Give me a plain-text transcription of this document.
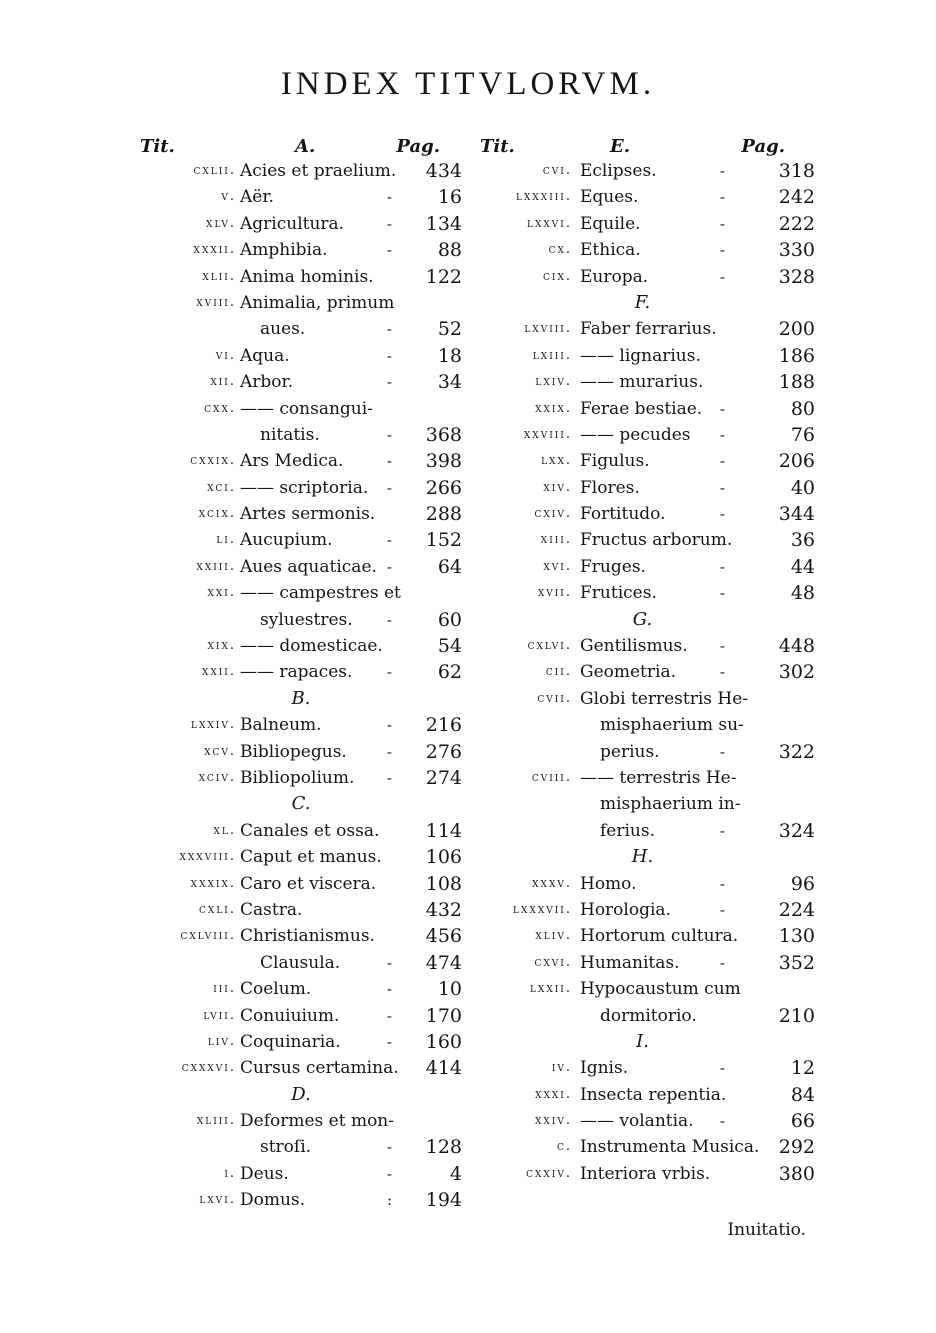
INDEX TITVLORVM.
Tit.	A.	Pag.
cxlii. Acies et praelium. 434
v. Aër.	- 16
xlv. Agricultura.	- 134
xxxii. Amphibia.	- 88
xlii. Anima hominis.	122
xviii. Animalia, primum
aues.	- 52
vi. Aqua.	- 18
xii. Arbor.	- 34
cxx. —— consangui-
nitatis.	- 368
cxxix. Ars Medica.	- 398
xci. —— scriptoria. - 266
xcix. Artes sermonis.	288
li. Aucupium.	- 152
xxiii. Aues aquaticae. - 64
xxi. —— campestres et
syluestres. - 60
xix. —— domesticae.	54
xxii. —— rapaces. - 62
B.
lxxiv. Balneum.	- 216
xcv. Bibliopegus.	- 276
xciv. Bibliopolium. - 274
C.
xl. Canales et ossa. 114
xxxviii. Caput et manus. 106
xxxix. Caro et viscera.	108
cxli. Castra.	432
cxlviii. Christianismus.	456
Clausula.	- 474
iii. Coelum.	- 10
lvii. Conuiuium.	- 170
liv. Coquinaria.	- 160
cxxxvi. Cursus certamina. 414
D.
xliii. Deformes et mon-
stroſi.	- 128
i. Deus.	-	4
lxvi. Domus.	: 194
Tit.	E.	Pag.
cvi. Eclipses.	-	318
lxxxiii. Eques.	-	242
lxxvi. Equile.	-	222
cx. Ethica.	-	330
cix. Europa.	-	328
F.
lxviii. Faber ferrarius.	200
lxiii. —— lignarius.	186
lxiv. —— murarius.	188
xxix. Ferae bestiae. -	80
xxviii. —— pecudes -	76
lxx. Figulus.	-	206
xiv. Flores.	-	40
cxiv. Fortitudo.	-	344
xiii. Fructus arborum.	36
xvi. Fruges.	-	44
xvii. Frutices.	-	48
G.
cxlvi. Gentilismus. -	448
cii. Geometria.	-	302
cvii. Globi terrestris He-
misphaerium su-
perius.	-	322
cviii. —— terrestris He-
misphaerium in-
ferius.	-	324
H.
xxxv. Homo.	-	96
lxxxvii. Horologia.	-	224
xliv. Hortorum cultura. 130
cxvi. Humanitas.	-	352
lxxii. Hypocaustum cum
dormitorio.	210
I.
iv. Ignis.	-	12
xxxi. Insecta repentia.	84
xxiv. —— volantia. -	66
c. Instrumenta Musica. 292
cxxiv. Interiora vrbis.	380
Inuitatio.
